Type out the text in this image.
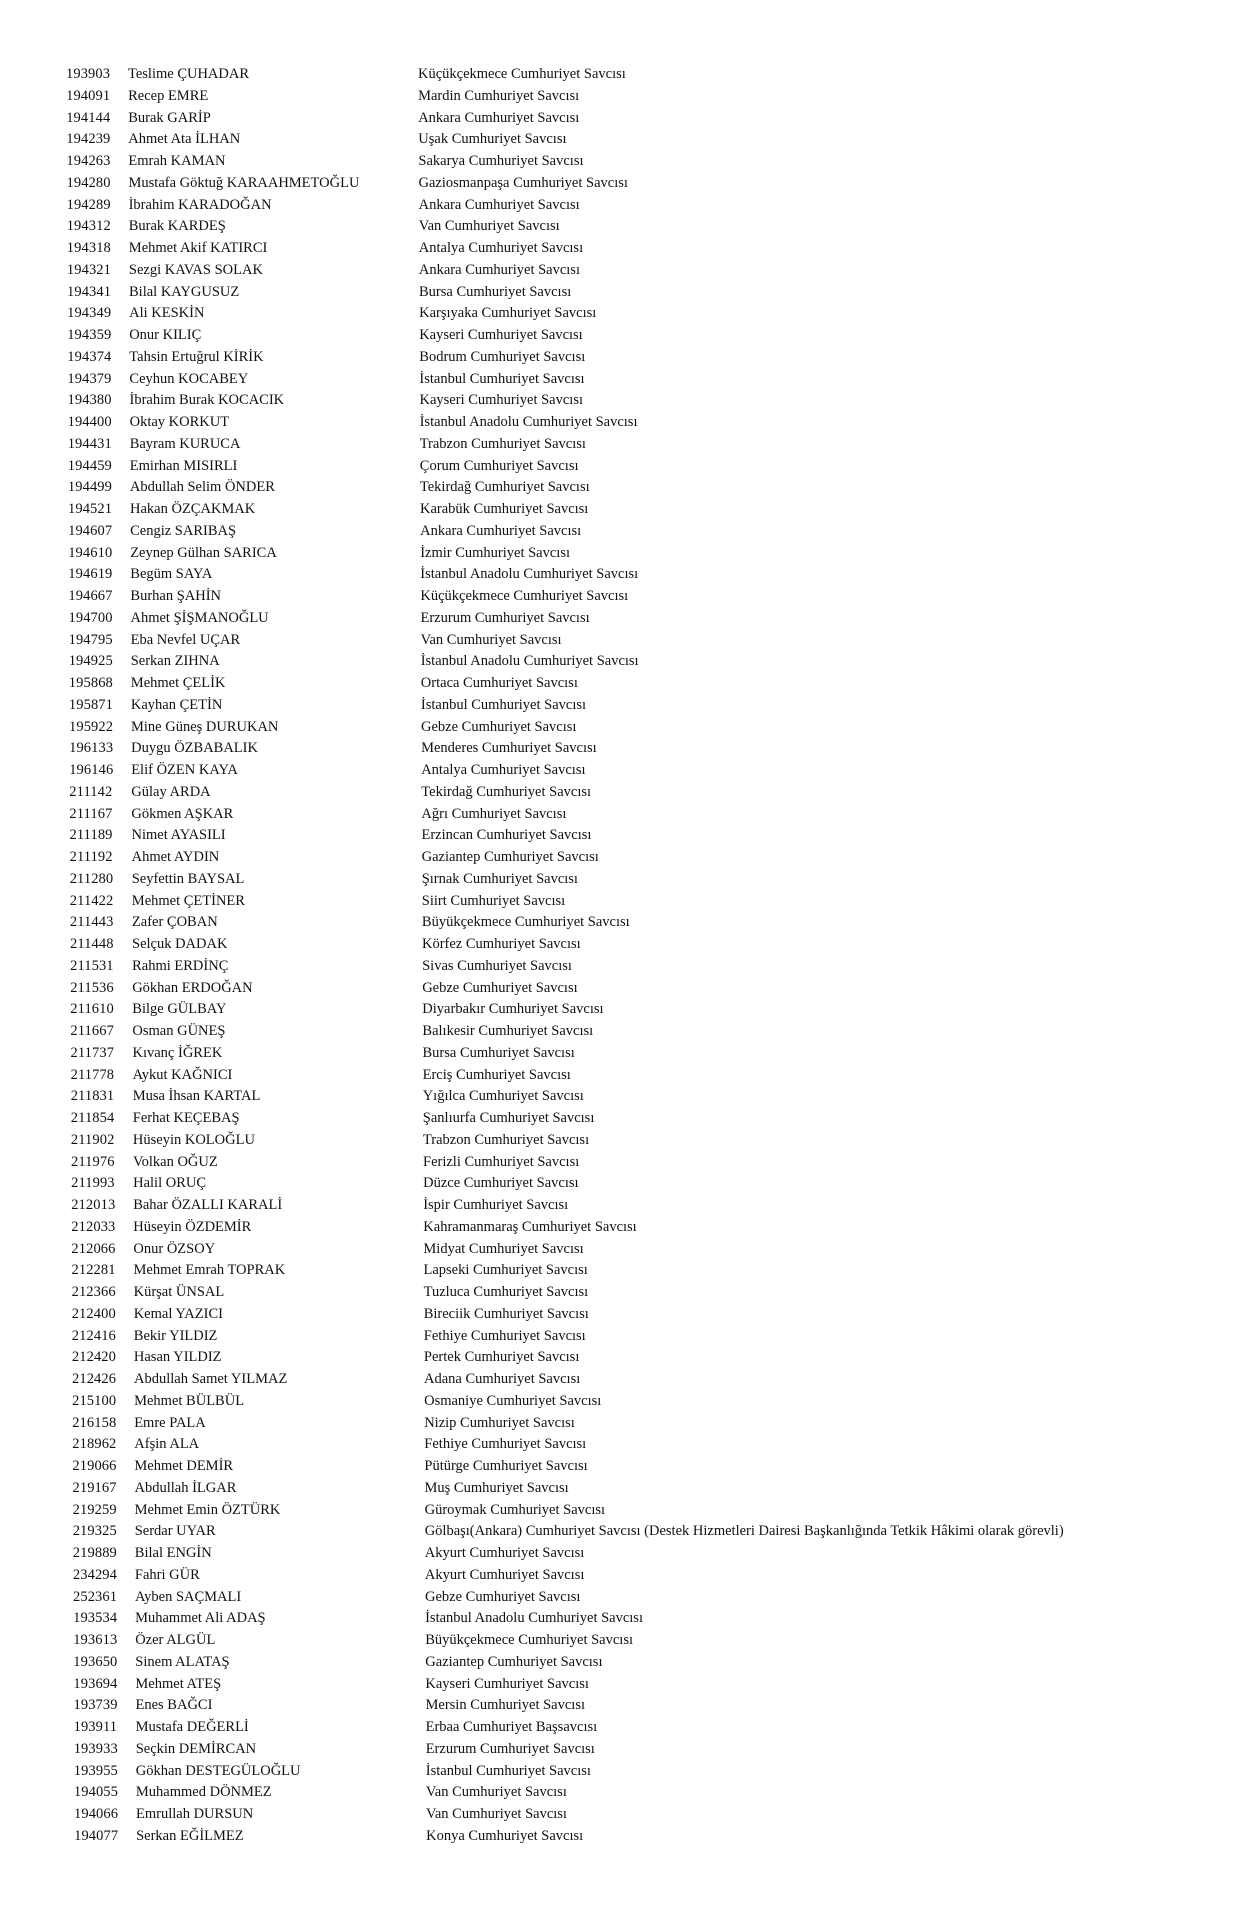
193903	Teslime ÇUHADAR	Küçükçekmece Cumhuriyet Savcısı
194091	Recep EMRE	Mardin Cumhuriyet Savcısı
194144	Burak GARİP	Ankara Cumhuriyet Savcısı
194239	Ahmet Ata İLHAN	Uşak Cumhuriyet Savcısı
194263	Emrah KAMAN	Sakarya Cumhuriyet Savcısı
194280	Mustafa Göktuğ KARAAHMETOĞLU	Gaziosmanpaşa Cumhuriyet Savcısı
194289	İbrahim KARADOĞAN	Ankara Cumhuriyet Savcısı
194312	Burak KARDEŞ	Van Cumhuriyet Savcısı
194318	Mehmet Akif KATIRCI	Antalya Cumhuriyet Savcısı
194321	Sezgi KAVAS SOLAK	Ankara Cumhuriyet Savcısı
194341	Bilal KAYGUSUZ	Bursa Cumhuriyet Savcısı
194349	Ali KESKİN	Karşıyaka Cumhuriyet Savcısı
194359	Onur KILIÇ	Kayseri Cumhuriyet Savcısı
194374	Tahsin Ertuğrul KİRİK	Bodrum Cumhuriyet Savcısı
194379	Ceyhun KOCABEY	İstanbul Cumhuriyet Savcısı
194380	İbrahim Burak KOCACIK	Kayseri Cumhuriyet Savcısı
194400	Oktay KORKUT	İstanbul Anadolu Cumhuriyet Savcısı
194431	Bayram KURUCA	Trabzon Cumhuriyet Savcısı
194459	Emirhan MISIRLI	Çorum Cumhuriyet Savcısı
194499	Abdullah Selim ÖNDER	Tekirdağ Cumhuriyet Savcısı
194521	Hakan ÖZÇAKMAK	Karabük Cumhuriyet Savcısı
194607	Cengiz SARIBAŞ	Ankara Cumhuriyet Savcısı
194610	Zeynep Gülhan SARICA	İzmir Cumhuriyet Savcısı
194619	Begüm SAYA	İstanbul Anadolu Cumhuriyet Savcısı
194667	Burhan ŞAHİN	Küçükçekmece Cumhuriyet Savcısı
194700	Ahmet ŞİŞMANOĞLU	Erzurum Cumhuriyet Savcısı
194795	Eba Nevfel UÇAR	Van Cumhuriyet Savcısı
194925	Serkan ZIHNA	İstanbul Anadolu Cumhuriyet Savcısı
195868	Mehmet ÇELİK	Ortaca Cumhuriyet Savcısı
195871	Kayhan ÇETİN	İstanbul Cumhuriyet Savcısı
195922	Mine Güneş DURUKAN	Gebze Cumhuriyet Savcısı
196133	Duygu ÖZBABALIK	Menderes Cumhuriyet Savcısı
196146	Elif ÖZEN KAYA	Antalya Cumhuriyet Savcısı
211142	Gülay ARDA	Tekirdağ Cumhuriyet Savcısı
211167	Gökmen AŞKAR	Ağrı Cumhuriyet Savcısı
211189	Nimet AYASILI	Erzincan Cumhuriyet Savcısı
211192	Ahmet AYDIN	Gaziantep Cumhuriyet Savcısı
211280	Seyfettin BAYSAL	Şırnak Cumhuriyet Savcısı
211422	Mehmet ÇETİNER	Siirt Cumhuriyet Savcısı
211443	Zafer ÇOBAN	Büyükçekmece Cumhuriyet Savcısı
211448	Selçuk DADAK	Körfez Cumhuriyet Savcısı
211531	Rahmi ERDİNÇ	Sivas Cumhuriyet Savcısı
211536	Gökhan ERDOĞAN	Gebze Cumhuriyet Savcısı
211610	Bilge GÜLBAY	Diyarbakır Cumhuriyet Savcısı
211667	Osman GÜNEŞ	Balıkesir Cumhuriyet Savcısı
211737	Kıvanç İĞREK	Bursa Cumhuriyet Savcısı
211778	Aykut KAĞNICI	Erciş Cumhuriyet Savcısı
211831	Musa İhsan KARTAL	Yığılca Cumhuriyet Savcısı
211854	Ferhat KEÇEBAŞ	Şanlıurfa Cumhuriyet Savcısı
211902	Hüseyin KOLOĞLU	Trabzon Cumhuriyet Savcısı
211976	Volkan OĞUZ	Ferizli Cumhuriyet Savcısı
211993	Halil ORUÇ	Düzce Cumhuriyet Savcısı
212013	Bahar ÖZALLI KARALİ	İspir Cumhuriyet Savcısı
212033	Hüseyin ÖZDEMİR	Kahramanmaraş Cumhuriyet Savcısı
212066	Onur ÖZSOY	Midyat Cumhuriyet Savcısı
212281	Mehmet Emrah TOPRAK	Lapseki Cumhuriyet Savcısı
212366	Kürşat ÜNSAL	Tuzluca Cumhuriyet Savcısı
212400	Kemal YAZICI	Bireciik Cumhuriyet Savcısı
212416	Bekir YILDIZ	Fethiye Cumhuriyet Savcısı
212420	Hasan YILDIZ	Pertek Cumhuriyet Savcısı
212426	Abdullah Samet YILMAZ	Adana Cumhuriyet Savcısı
215100	Mehmet BÜLBÜL	Osmaniye Cumhuriyet Savcısı
216158	Emre PALA	Nizip Cumhuriyet Savcısı
218962	Afşin ALA	Fethiye Cumhuriyet Savcısı
219066	Mehmet DEMİR	Pütürge Cumhuriyet Savcısı
219167	Abdullah İLGAR	Muş Cumhuriyet Savcısı
219259	Mehmet Emin ÖZTÜRK	Güroymak Cumhuriyet Savcısı
219325	Serdar UYAR	Gölbaşı(Ankara) Cumhuriyet Savcısı (Destek Hizmetleri Dairesi Başkanlığında Tetkik Hâkimi olarak görevli)
219889	Bilal ENGİN	Akyurt Cumhuriyet Savcısı
234294	Fahri GÜR	Akyurt Cumhuriyet Savcısı
252361	Ayben SAÇMALI	Gebze Cumhuriyet Savcısı
193534	Muhammet Ali ADAŞ	İstanbul Anadolu Cumhuriyet Savcısı
193613	Özer ALGÜL	Büyükçekmece Cumhuriyet Savcısı
193650	Sinem ALATAŞ	Gaziantep Cumhuriyet Savcısı
193694	Mehmet ATEŞ	Kayseri Cumhuriyet Savcısı
193739	Enes BAĞCI	Mersin Cumhuriyet Savcısı
193911	Mustafa DEĞERLİ	Erbaa Cumhuriyet Başsavcısı
193933	Seçkin DEMİRCAN	Erzurum Cumhuriyet Savcısı
193955	Gökhan DESTEGÜLOĞLU	İstanbul Cumhuriyet Savcısı
194055	Muhammed DÖNMEZ	Van Cumhuriyet Savcısı
194066	Emrullah DURSUN	Van Cumhuriyet Savcısı
194077	Serkan EĞİLMEZ	Konya Cumhuriyet Savcısı
